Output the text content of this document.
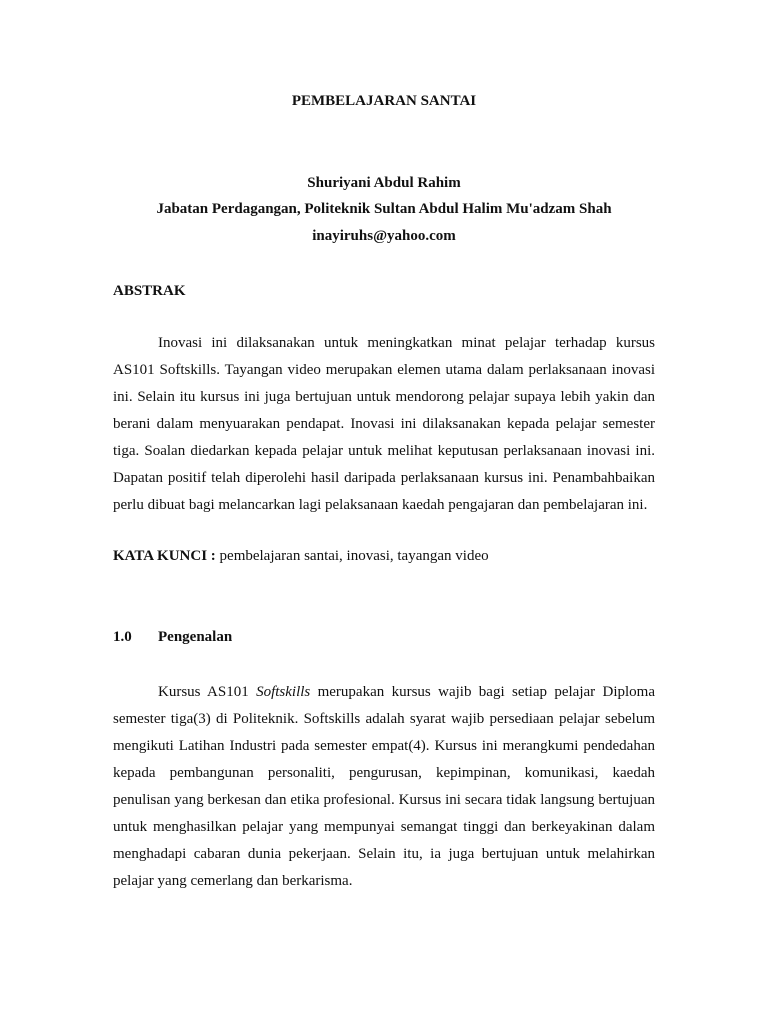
PEMBELAJARAN SANTAI
Shuriyani Abdul Rahim
Jabatan Perdagangan, Politeknik Sultan Abdul Halim Mu'adzam Shah
inayiruhs@yahoo.com
ABSTRAK
Inovasi ini dilaksanakan untuk meningkatkan minat pelajar terhadap kursus
AS101 Softskills. Tayangan video merupakan elemen utama dalam perlaksanaan inovasi
ini. Selain itu kursus ini juga bertujuan untuk mendorong pelajar supaya lebih yakin dan
berani dalam menyuarakan pendapat. Inovasi ini dilaksanakan kepada pelajar semester
tiga. Soalan diedarkan kepada pelajar untuk melihat keputusan perlaksanaan inovasi ini.
Dapatan positif telah diperolehi hasil daripada perlaksanaan kursus ini. Penambahbaikan
perlu dibuat bagi melancarkan lagi pelaksanaan kaedah pengajaran dan pembelajaran ini.
KATA KUNCI : pembelajaran santai, inovasi, tayangan video
1.0 Pengenalan
Kursus AS101 Softskills merupakan kursus wajib bagi setiap pelajar Diploma
semester tiga(3) di Politeknik. Softskills adalah syarat wajib persediaan pelajar sebelum
mengikuti Latihan Industri pada semester empat(4). Kursus ini merangkumi pendedahan
kepada pembangunan personaliti, pengurusan, kepimpinan, komunikasi, kaedah
penulisan yang berkesan dan etika profesional. Kursus ini secara tidak langsung bertujuan
untuk menghasilkan pelajar yang mempunyai semangat tinggi dan berkeyakinan dalam
menghadapi cabaran dunia pekerjaan. Selain itu, ia juga bertujuan untuk melahirkan
pelajar yang cemerlang dan berkarisma.
